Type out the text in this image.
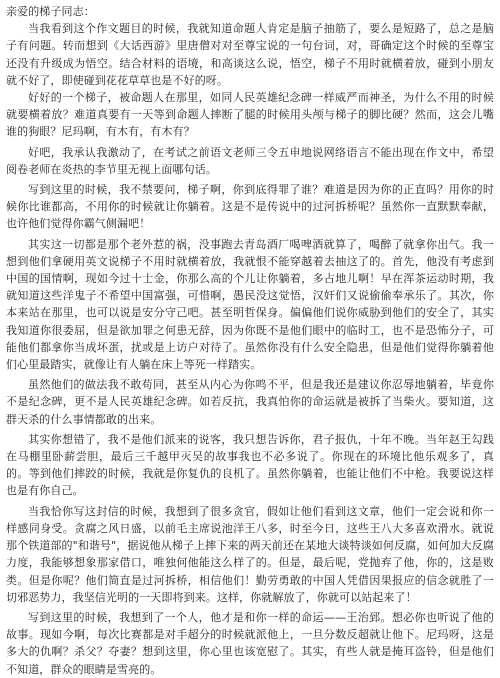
亲爱的梯子同志：

当我看到这个作文题目的时候，我就知道命题人肯定是脑子抽筋了，要么是短路了，总之是脑子有问题。转而想到《大话西游》里唐僧对对至尊宝说的一句台词，对，哥确定这个时候的至尊宝还没有升级成为悟空。结合材料的语境，和高谈这么说，悟空，梯子不用时就横着放，碰到小朋友就不好了，即使碰到花花草草也是不好的呀。

好好的一个梯子，被命题人在那里，如同人民英雄纪念碑一样威严而神圣，为什么不用的时候就要横着放？难道真要有一天等到命题人摔断了腿的时候用头颅与梯子的脚比硬？然而，这会儿嘴谁的狗眼？尼玛啊，有木有，有木有？

好吧，我承认我激动了，在考试之前语文老师三令五申地说网络语言不能出现在作文中，希望阅卷老师在炎热的李节里无视上面哪句话。

写到这里的时候，我不禁要问，梯子啊，你到底得罪了谁？难道是因为你的正直吗？用你的时候你比谁都高，不用你的时候就让你躺着。这是不是传说中的过河拆桥呢？虽然你一直默默奉献，也许他们觉得你霸气侧漏吧！

其实这一切都是那个老外惹的祸，没事跑去青岛酒厂喝啤酒就算了，喝醉了就拿你出气。我一想到他们拿硬用英文说梯子不用时就横着放，我就恨不能穿越着去抽这了的。首先，他没有考虑到中国的国情啊，现如今过十士金，你那么高的个儿让你躺着，多占地儿啊！早在浑茶运动时期，我就知道这些洋鬼子不希望中国富强，可惜啊，愚民没这觉悟，汉奸们又说偷偷奉承乐了。其次，你本来站在那里，也可以说是安分守己吧。甚至明哲保身。偏偏他们说你威胁到他们的安全了，其实我知道你很委屈，但是欲加罪之何患无辞，因为你既不是他们眼中的临时工，也不是恐怖分子，可能他们都拿你当成坏蛋，扰或是上访户对待了。虽然你没有什么安全隐患，但是他们觉得你躺着他们心里最踏实，就像让有人躺在床上等死一样踏实。

虽然他们的做法我不敢苟同，甚至从内心为你鸣不平，但是我还是建议你忍辱地躺着，毕竟你不是纪念碑，更不是人民英雄纪念碑。如若反抗，我真怕你的命运就是被拆了当柴火。要知道，这群天杀的什么事情都敢的出来。

其实你想错了，我不是他们派来的说客，我只想告诉你，君子报仇，十年不晚。当年赵王勾践在马棚里卧薪尝胆，最后三千越甲灭吴的故事我也不必多说了。你现在的环境比他乐观多了，真的。等到他们摔跤的时候，我就是你复仇的良机了。虽然你躺着，也能让他们不中枪。我要说这样也是有你自己。

当我恰你写这封信的时候，我想到了很多贪官，假如让他们看到这文章，他们一定会说和你一样感同身受。贪腐之风日盛，以前毛主席说池洋王八多，时至今日，这些王八大多喜欢滑水。就说那个铁道部的"和谐号"，据说他从梯子上摔下来的两天前还在某地大谈特谈如何反腐，如何加大反腐力度，我能够想象那家借口，唯独何他能这么样了的。但是，最后呢，党抛弃了他，你的，这是败类。但是你呢？他们简直是过河拆桥，相信他们！勤劳勇敢的中国人凭借因果报应的信念就胜了一切邪恶势力，我坚信光明的一天即将到来。这样，你就解放了，你就可以站起来了！

写到这里的时候，我想到了一个人，他才是和你一样的命运——王治郅。想必你也听说了他的故事。现如今啊，每次比赛都是对手超分的时候就派他上，一旦分数反超就让他下。尼玛呀，这是多大的仇啊？杀父？夺妻？想到这里，你心里也该宽慰了。其实，有些人就是掩耳盗铃，但是他们不知道，群众的眼睛是雪亮的。
